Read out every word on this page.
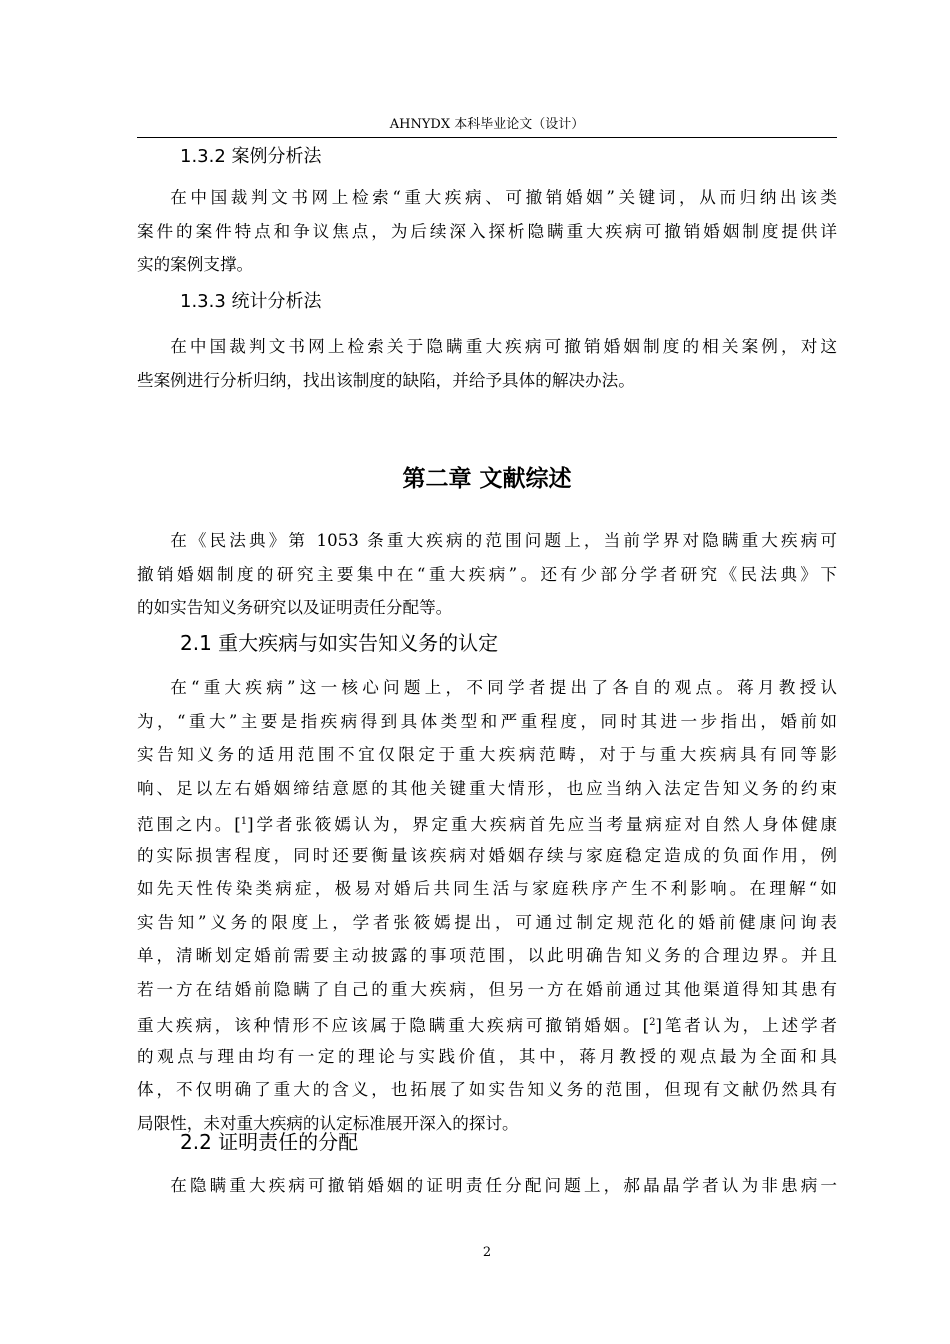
AHNYDX 本科毕业论文（设计）
1.3.2 案例分析法
在中国裁判文书网上检索“重大疾病、可撤销婚姻”关键词，从而归纳出该类
案件的案件特点和争议焦点，为后续深入探析隐瞒重大疾病可撤销婚姻制度提供详
实的案例支撑。
1.3.3 统计分析法
在中国裁判文书网上检索关于隐瞒重大疾病可撤销婚姻制度的相关案例，对这
些案例进行分析归纳，找出该制度的缺陷，并给予具体的解决办法。
第二章 文献综述
在《民法典》第 1053 条重大疾病的范围问题上，当前学界对隐瞒重大疾病可
撤销婚姻制度的研究主要集中在“重大疾病”。还有少部分学者研究《民法典》下
的如实告知义务研究以及证明责任分配等。
2.1 重大疾病与如实告知义务的认定
在“重大疾病”这一核心问题上，不同学者提出了各自的观点。蒋月教授认
为，“重大”主要是指疾病得到具体类型和严重程度，同时其进一步指出，婚前如
实告知义务的适用范围不宜仅限定于重大疾病范畴，对于与重大疾病具有同等影
响、足以左右婚姻缔结意愿的其他关键重大情形，也应当纳入法定告知义务的约束
范围之内。[$^1$]学者张筱嫣认为，界定重大疾病首先应当考量病症对自然人身体健康
的实际损害程度，同时还要衡量该疾病对婚姻存续与家庭稳定造成的负面作用，例
如先天性传染类病症，极易对婚后共同生活与家庭秩序产生不利影响。在理解“如
实告知”义务的限度上，学者张筱嫣提出，可通过制定规范化的婚前健康问询表
单，清晰划定婚前需要主动披露的事项范围，以此明确告知义务的合理边界。并且
若一方在结婚前隐瞒了自己的重大疾病，但另一方在婚前通过其他渠道得知其患有
重大疾病，该种情形不应该属于隐瞒重大疾病可撤销婚姻。[$^2$]笔者认为，上述学者
的观点与理由均有一定的理论与实践价值，其中，蒋月教授的观点最为全面和具
体，不仅明确了重大的含义，也拓展了如实告知义务的范围，但现有文献仍然具有
局限性，未对重大疾病的认定标准展开深入的探讨。
2.2 证明责任的分配
在隐瞒重大疾病可撤销婚姻的证明责任分配问题上，郝晶晶学者认为非患病一
2
